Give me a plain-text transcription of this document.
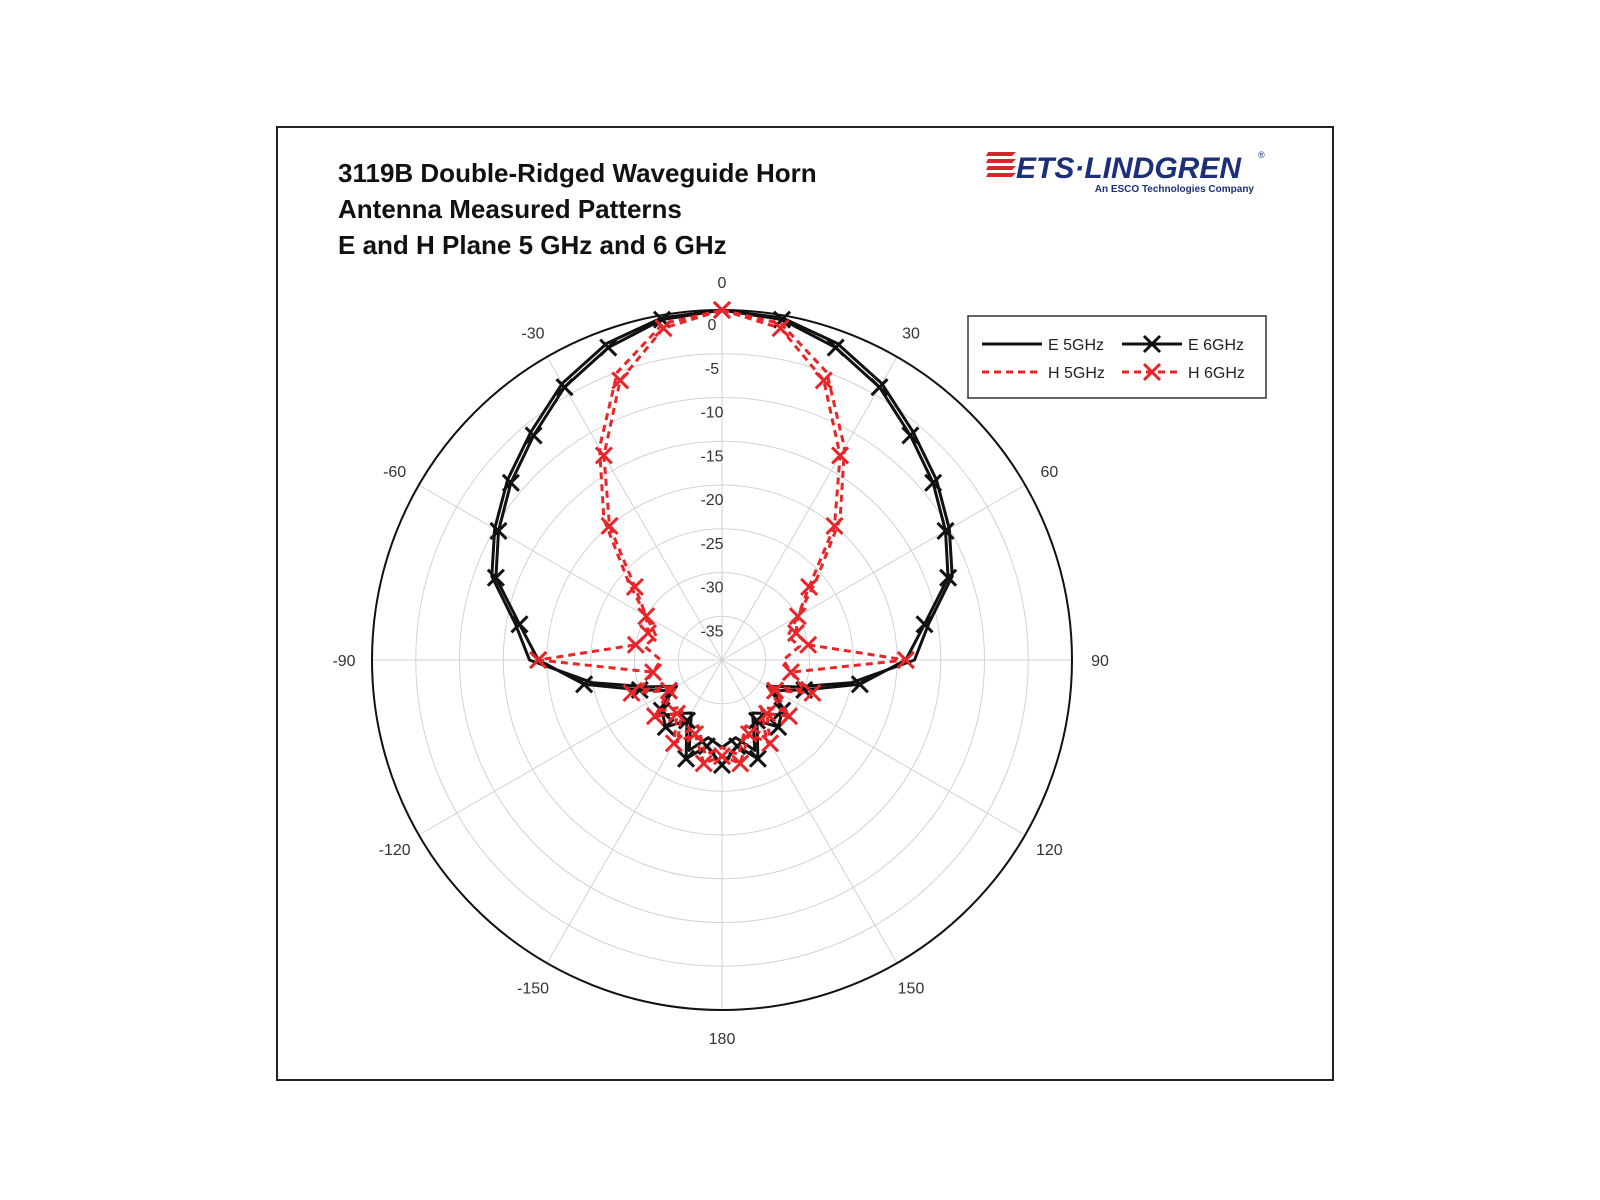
3119B Double-Ridged Waveguide Horn
Antenna Measured Patterns
E and H Plane 5 GHz and 6 GHz
ETS·LINDGREN ®
An ESCO Technologies Company
0
30
60
90
120
150
180
-150
-120
-90
-60
-30
0
-5
-10
-15
-20
-25
-30
-35
E 5GHz	E 6GHz
H 5GHz	H 6GHz
